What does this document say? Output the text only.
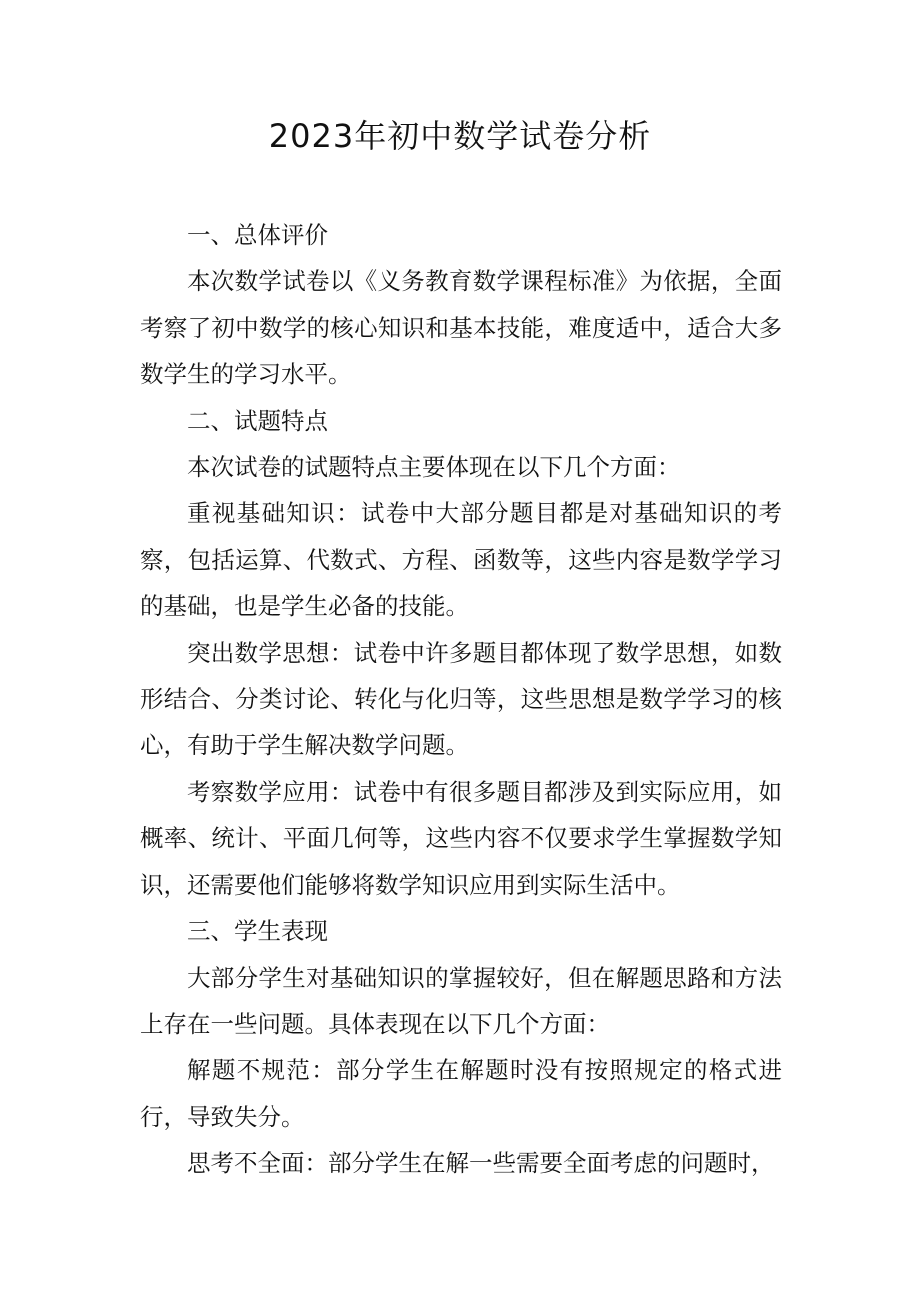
2023年初中数学试卷分析

一、总体评价

本次数学试卷以《义务教育数学课程标准》为依据，全面考察了初中数学的核心知识和基本技能，难度适中，适合大多数学生的学习水平。

二、试题特点

本次试卷的试题特点主要体现在以下几个方面：

重视基础知识：试卷中大部分题目都是对基础知识的考察，包括运算、代数式、方程、函数等，这些内容是数学学习的基础，也是学生必备的技能。

突出数学思想：试卷中许多题目都体现了数学思想，如数形结合、分类讨论、转化与化归等，这些思想是数学学习的核心，有助于学生解决数学问题。

考察数学应用：试卷中有很多题目都涉及到实际应用，如概率、统计、平面几何等，这些内容不仅要求学生掌握数学知识，还需要他们能够将数学知识应用到实际生活中。

三、学生表现

大部分学生对基础知识的掌握较好，但在解题思路和方法上存在一些问题。具体表现在以下几个方面：

解题不规范：部分学生在解题时没有按照规定的格式进行，导致失分。

思考不全面：部分学生在解一些需要全面考虑的问题时，
